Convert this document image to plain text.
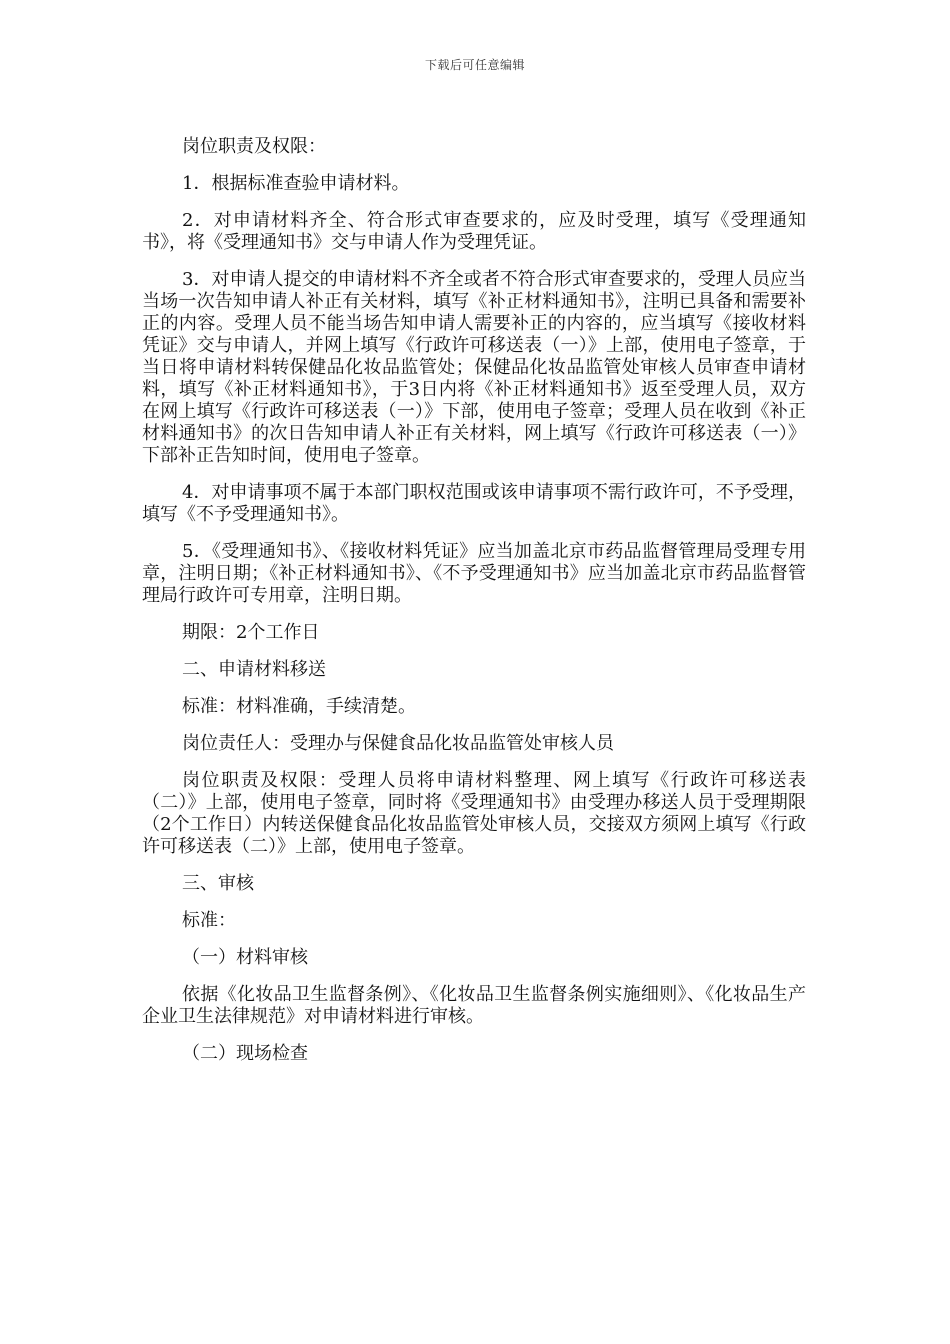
下载后可任意编辑

岗位职责及权限：

1．根据标准查验申请材料。

2．对申请材料齐全、符合形式审查要求的，应及时受理，填写《受理通知书》，将《受理通知书》交与申请人作为受理凭证。

3．对申请人提交的申请材料不齐全或者不符合形式审查要求的，受理人员应当当场一次告知申请人补正有关材料，填写《补正材料通知书》，注明已具备和需要补正的内容。受理人员不能当场告知申请人需要补正的内容的，应当填写《接收材料凭证》交与申请人，并网上填写《行政许可移送表（一）》上部，使用电子签章，于当日将申请材料转保健品化妆品监管处；保健品化妆品监管处审核人员审查申请材料，填写《补正材料通知书》，于3日内将《补正材料通知书》返至受理人员，双方在网上填写《行政许可移送表（一）》下部，使用电子签章；受理人员在收到《补正材料通知书》的次日告知申请人补正有关材料，网上填写《行政许可移送表（一）》下部补正告知时间，使用电子签章。

4．对申请事项不属于本部门职权范围或该申请事项不需行政许可，不予受理，填写《不予受理通知书》。

5．《受理通知书》、《接收材料凭证》应当加盖北京市药品监督管理局受理专用章，注明日期；《补正材料通知书》、《不予受理通知书》应当加盖北京市药品监督管理局行政许可专用章，注明日期。

期限：2个工作日

二、申请材料移送

标准：材料准确，手续清楚。

岗位责任人：受理办与保健食品化妆品监管处审核人员

岗位职责及权限：受理人员将申请材料整理、网上填写《行政许可移送表（二）》上部，使用电子签章，同时将《受理通知书》由受理办移送人员于受理期限（2个工作日）内转送保健食品化妆品监管处审核人员，交接双方须网上填写《行政许可移送表（二）》上部，使用电子签章。

三、审核

标准：

（一）材料审核

依据《化妆品卫生监督条例》、《化妆品卫生监督条例实施细则》、《化妆品生产企业卫生法律规范》对申请材料进行审核。

（二）现场检查
